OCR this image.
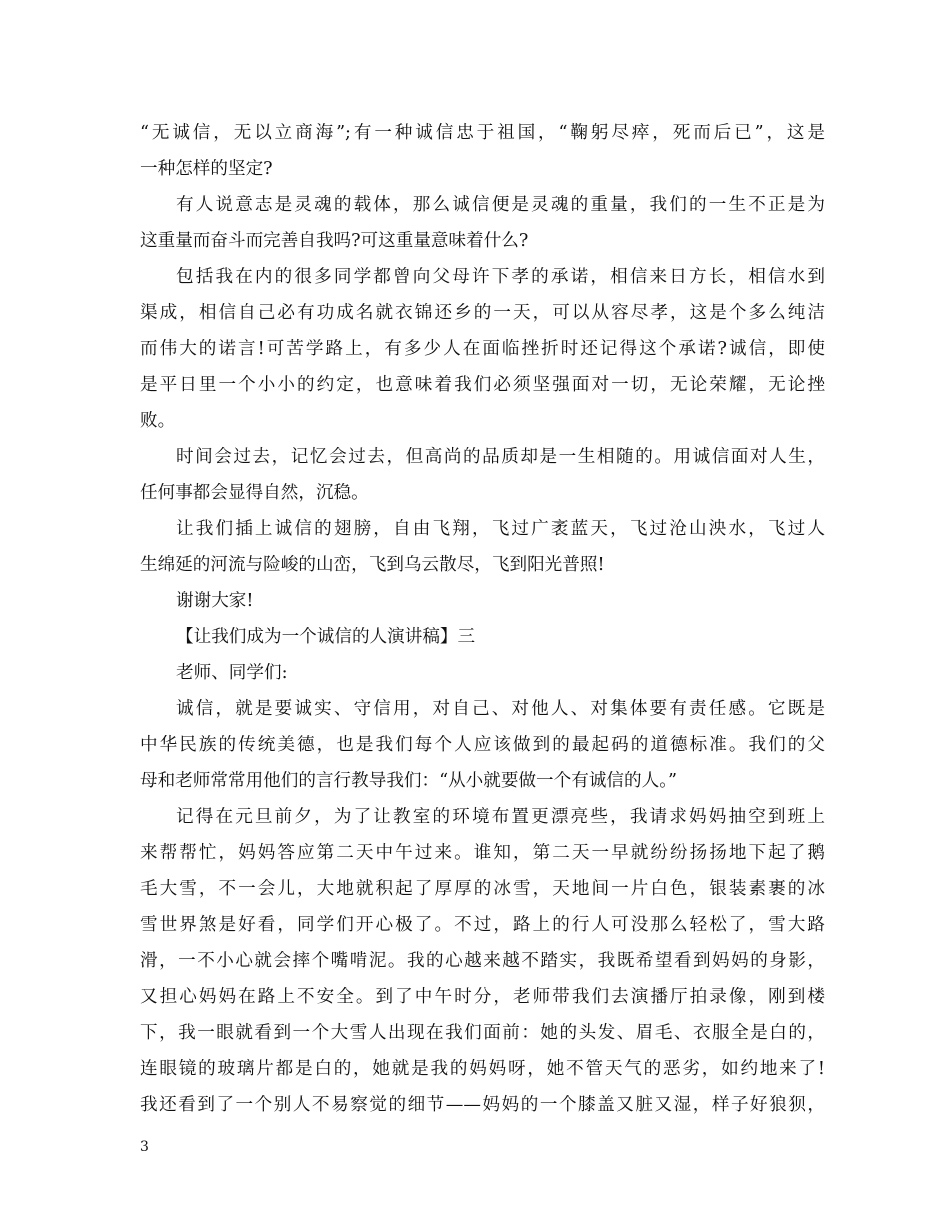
“无诚信，无以立商海”;有一种诚信忠于祖国，“鞠躬尽瘁，死而后已”，这是
一种怎样的坚定?
有人说意志是灵魂的载体，那么诚信便是灵魂的重量，我们的一生不正是为
这重量而奋斗而完善自我吗?可这重量意味着什么?
包括我在内的很多同学都曾向父母许下孝的承诺，相信来日方长，相信水到
渠成，相信自己必有功成名就衣锦还乡的一天，可以从容尽孝，这是个多么纯洁
而伟大的诺言!可苦学路上，有多少人在面临挫折时还记得这个承诺?诚信，即使
是平日里一个小小的约定，也意味着我们必须坚强面对一切，无论荣耀，无论挫
败。
时间会过去，记忆会过去，但高尚的品质却是一生相随的。用诚信面对人生，
任何事都会显得自然，沉稳。
让我们插上诚信的翅膀，自由飞翔，飞过广袤蓝天，飞过沧山泱水，飞过人
生绵延的河流与险峻的山峦，飞到乌云散尽，飞到阳光普照!
谢谢大家!
【让我们成为一个诚信的人演讲稿】三
老师、同学们:
诚信，就是要诚实、守信用，对自己、对他人、对集体要有责任感。它既是
中华民族的传统美德，也是我们每个人应该做到的最起码的道德标准。我们的父
母和老师常常用他们的言行教导我们：“从小就要做一个有诚信的人。”
记得在元旦前夕，为了让教室的环境布置更漂亮些，我请求妈妈抽空到班上
来帮帮忙，妈妈答应第二天中午过来。谁知，第二天一早就纷纷扬扬地下起了鹅
毛大雪，不一会儿，大地就积起了厚厚的冰雪，天地间一片白色，银装素裹的冰
雪世界煞是好看，同学们开心极了。不过，路上的行人可没那么轻松了，雪大路
滑，一不小心就会摔个嘴啃泥。我的心越来越不踏实，我既希望看到妈妈的身影，
又担心妈妈在路上不安全。到了中午时分，老师带我们去演播厅拍录像，刚到楼
下，我一眼就看到一个大雪人出现在我们面前：她的头发、眉毛、衣服全是白的，
连眼镜的玻璃片都是白的，她就是我的妈妈呀，她不管天气的恶劣，如约地来了!
我还看到了一个别人不易察觉的细节——妈妈的一个膝盖又脏又湿，样子好狼狈，
3
